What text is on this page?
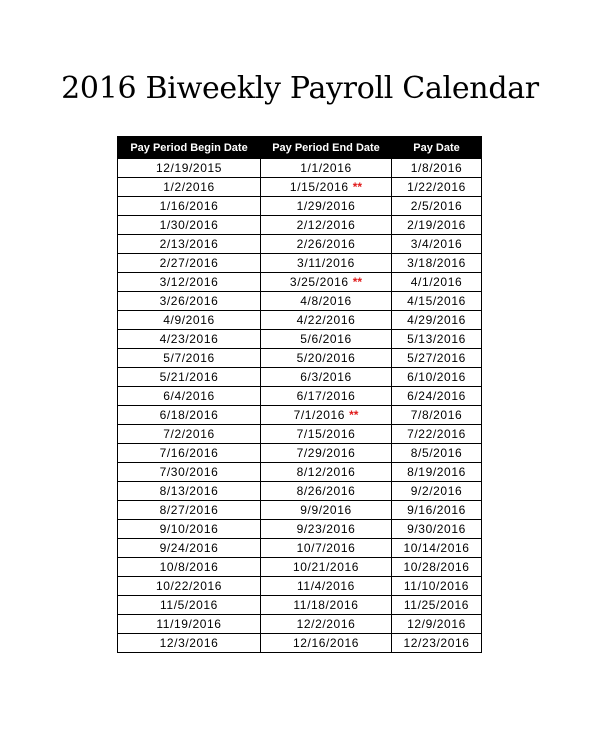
2016 Biweekly Payroll Calendar
Pay Period Begin Date	Pay Period End Date	Pay Date
12/19/2015	1/1/2016	1/8/2016
1/2/2016	1/15/2016 **	1/22/2016
1/16/2016	1/29/2016	2/5/2016
1/30/2016	2/12/2016	2/19/2016
2/13/2016	2/26/2016	3/4/2016
2/27/2016	3/11/2016	3/18/2016
3/12/2016	3/25/2016 **	4/1/2016
3/26/2016	4/8/2016	4/15/2016
4/9/2016	4/22/2016	4/29/2016
4/23/2016	5/6/2016	5/13/2016
5/7/2016	5/20/2016	5/27/2016
5/21/2016	6/3/2016	6/10/2016
6/4/2016	6/17/2016	6/24/2016
6/18/2016	7/1/2016 **	7/8/2016
7/2/2016	7/15/2016	7/22/2016
7/16/2016	7/29/2016	8/5/2016
7/30/2016	8/12/2016	8/19/2016
8/13/2016	8/26/2016	9/2/2016
8/27/2016	9/9/2016	9/16/2016
9/10/2016	9/23/2016	9/30/2016
9/24/2016	10/7/2016	10/14/2016
10/8/2016	10/21/2016	10/28/2016
10/22/2016	11/4/2016	11/10/2016
11/5/2016	11/18/2016	11/25/2016
11/19/2016	12/2/2016	12/9/2016
12/3/2016	12/16/2016	12/23/2016
